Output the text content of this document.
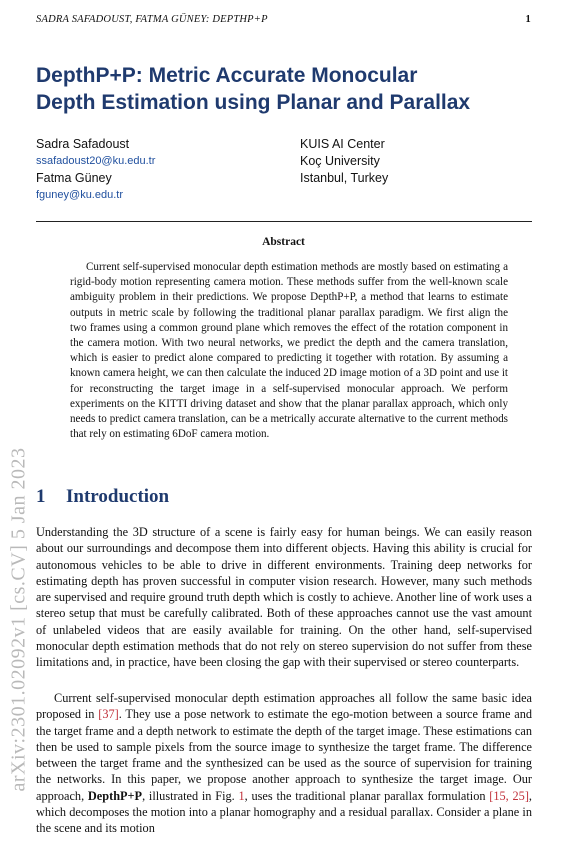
SADRA SAFADOUST, FATMA GÜNEY: DEPTHP+P	1
arXiv:2301.02092v1 [cs.CV] 5 Jan 2023
DepthP+P: Metric Accurate Monocular
Depth Estimation using Planar and Parallax
Sadra Safadoust
ssafadoust20@ku.edu.tr
Fatma Güney
fguney@ku.edu.tr
KUIS AI Center
Koç University
Istanbul, Turkey
Abstract
Current self-supervised monocular depth estimation methods are mostly based on estimating a rigid-body motion representing camera motion. These methods suffer from the well-known scale ambiguity problem in their predictions. We propose DepthP+P, a method that learns to estimate outputs in metric scale by following the traditional planar parallax paradigm. We first align the two frames using a common ground plane which removes the effect of the rotation component in the camera motion. With two neural networks, we predict the depth and the camera translation, which is easier to predict alone compared to predicting it together with rotation. By assuming a known camera height, we can then calculate the induced 2D image motion of a 3D point and use it for reconstructing the target image in a self-supervised monocular approach. We perform experiments on the KITTI driving dataset and show that the planar parallax approach, which only needs to predict camera translation, can be a metrically accurate alternative to the current methods that rely on estimating 6DoF camera motion.
1 Introduction
Understanding the 3D structure of a scene is fairly easy for human beings. We can easily reason about our surroundings and decompose them into different objects. Having this ability is crucial for autonomous vehicles to be able to drive in different environments. Training deep networks for estimating depth has proven successful in computer vision research. However, many such methods are supervised and require ground truth depth which is costly to achieve. Another line of work uses a stereo setup that must be carefully calibrated. Both of these approaches cannot use the vast amount of unlabeled videos that are easily available for training. On the other hand, self-supervised monocular depth estimation methods that do not rely on stereo supervision do not suffer from these limitations and, in practice, have been closing the gap with their supervised or stereo counterparts.
Current self-supervised monocular depth estimation approaches all follow the same basic idea proposed in [37]. They use a pose network to estimate the ego-motion between a source frame and the target frame and a depth network to estimate the depth of the target image. These estimations can then be used to sample pixels from the source image to synthesize the target frame. The difference between the target frame and the synthesized can be used as the source of supervision for training the networks. In this paper, we propose another approach to synthesize the target image. Our approach, DepthP+P, illustrated in Fig. 1, uses the traditional planar parallax formulation [15, 25], which decomposes the motion into a planar homography and a residual parallax. Consider a plane in the scene and its motion
